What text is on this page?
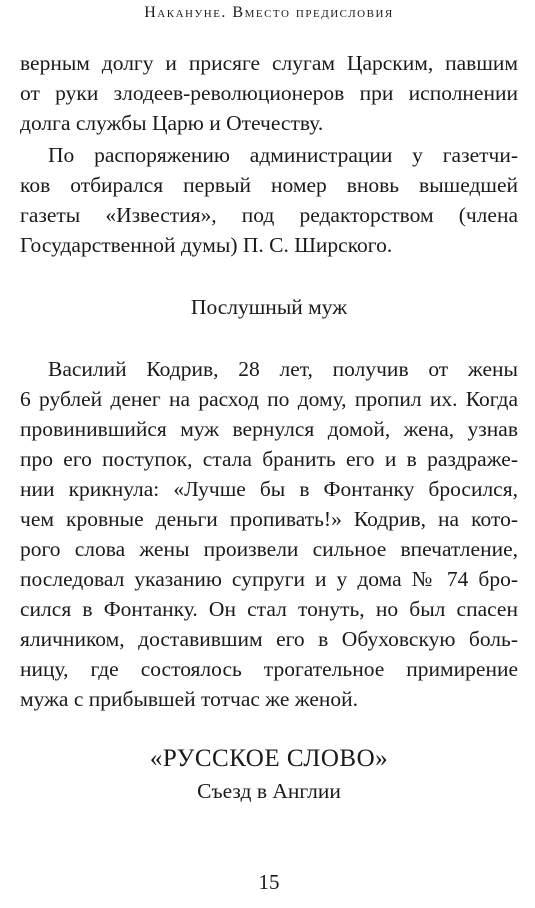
Накануне. Вместо предисловия
верным долгу и присяге слугам Царским, павшим
от руки злодеев-революционеров при исполнении
долга службы Царю и Отечеству.
По распоряжению администрации у газетчи-
ков отбирался первый номер вновь вышедшей
газеты «Известия», под редакторством (члена
Государственной думы) П. С. Ширского.
Послушный муж
Василий Кодрив, 28 лет, получив от жены
6 рублей денег на расход по дому, пропил их. Когда
провинившийся муж вернулся домой, жена, узнав
про его поступок, стала бранить его и в раздраже-
нии крикнула: «Лучше бы в Фонтанку бросился,
чем кровные деньги пропивать!» Кодрив, на кото-
рого слова жены произвели сильное впечатление,
последовал указанию супруги и у дома № 74 бро-
сился в Фонтанку. Он стал тонуть, но был спасен
яличником, доставившим его в Обуховскую боль-
ницу, где состоялось трогательное примирение
мужа с прибывшей тотчас же женой.
«РУССКОЕ СЛОВО»
Съезд в Англии
15
